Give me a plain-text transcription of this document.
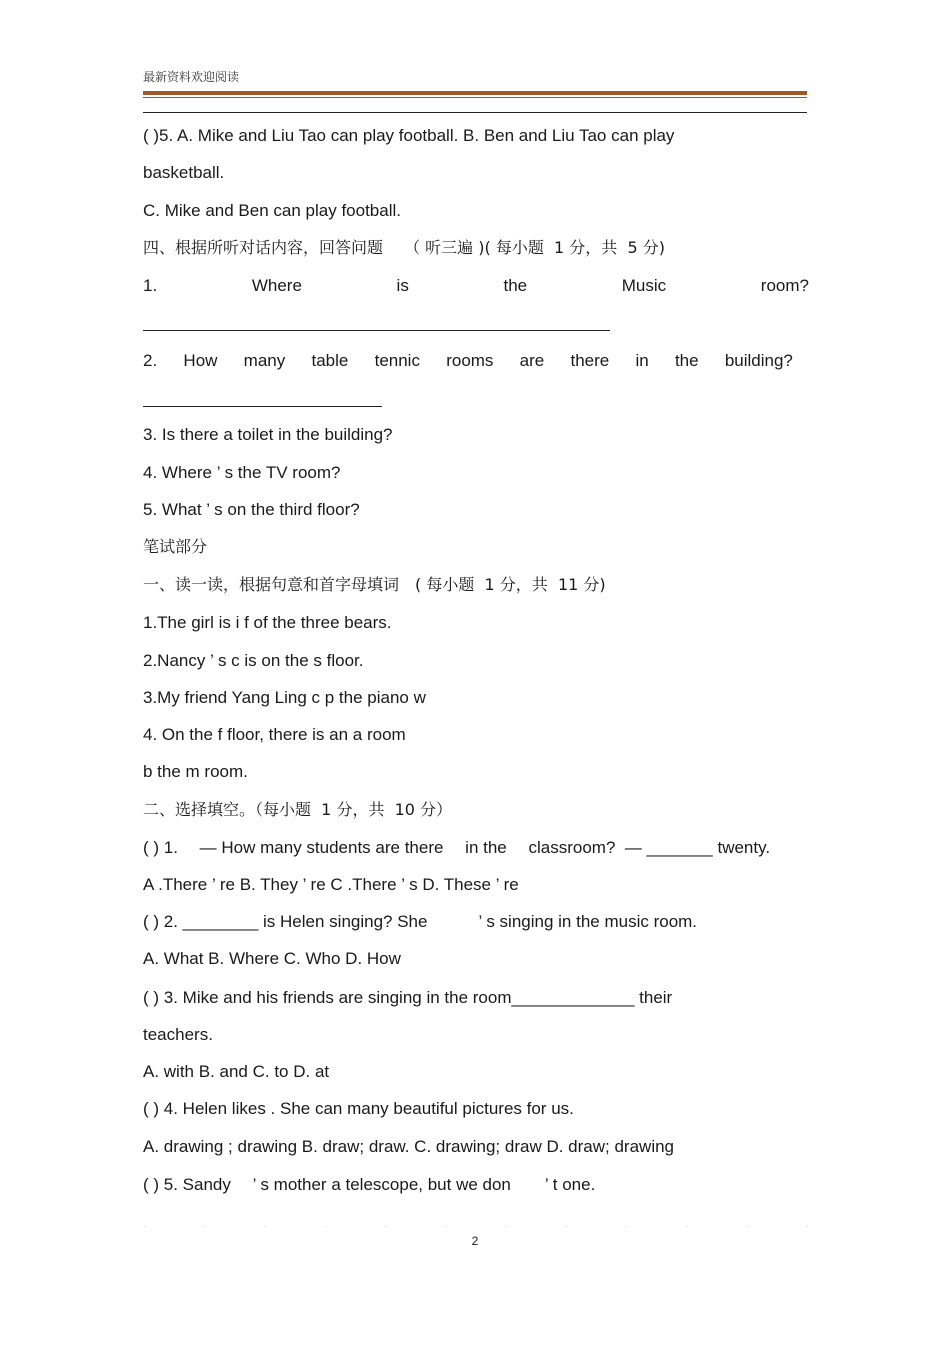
最新资料欢迎阅读
( )5. A. Mike and Liu Tao can play football. B. Ben and Liu Tao can play
basketball.
C. Mike and Ben can play football.
四、根据所听对话内容，回答问题　 （ 听三遍 )( 每小题  1 分，共  5 分)
1.	Where	is	the	Music	room?
2. How many table tennic rooms are there in the building?
3. Is there a toilet in the building?
4. Where ’ s the TV room?
5. What ’ s on the third floor?
笔试部分
一、读一读，根据句意和首字母填词　( 每小题  1 分，共  11 分)
1.The girl is i f of the three bears.
2.Nancy ’ s c is on the s floor.
3.My friend Yang Ling c p the piano w
4. On the f floor, there is an a room
b the m room.
二、选择填空。（每小题  1 分，共  10 分）
( ) 1.　 — How many students are there　 in the　 classroom?  — _______ twenty.
A .There ’ re B. They ’ re C .There ’ s D. These ’ re
( ) 2. ________ is Helen singing? She　　　’ s singing in the music room.
A. What B. Where C. Who D. How
( ) 3. Mike and his friends are singing in the room_____________ their
teachers.
A. with B. and C. to D. at
( ) 4. Helen likes . She can many beautiful pictures for us.
A. drawing ; drawing B. draw; draw. C. drawing; draw D. draw; drawing
( ) 5. Sandy　 ’ s mother a telescope, but we don　　’ t one.
·	·	·	·	·	·	·	·	·	·	·	·
2
